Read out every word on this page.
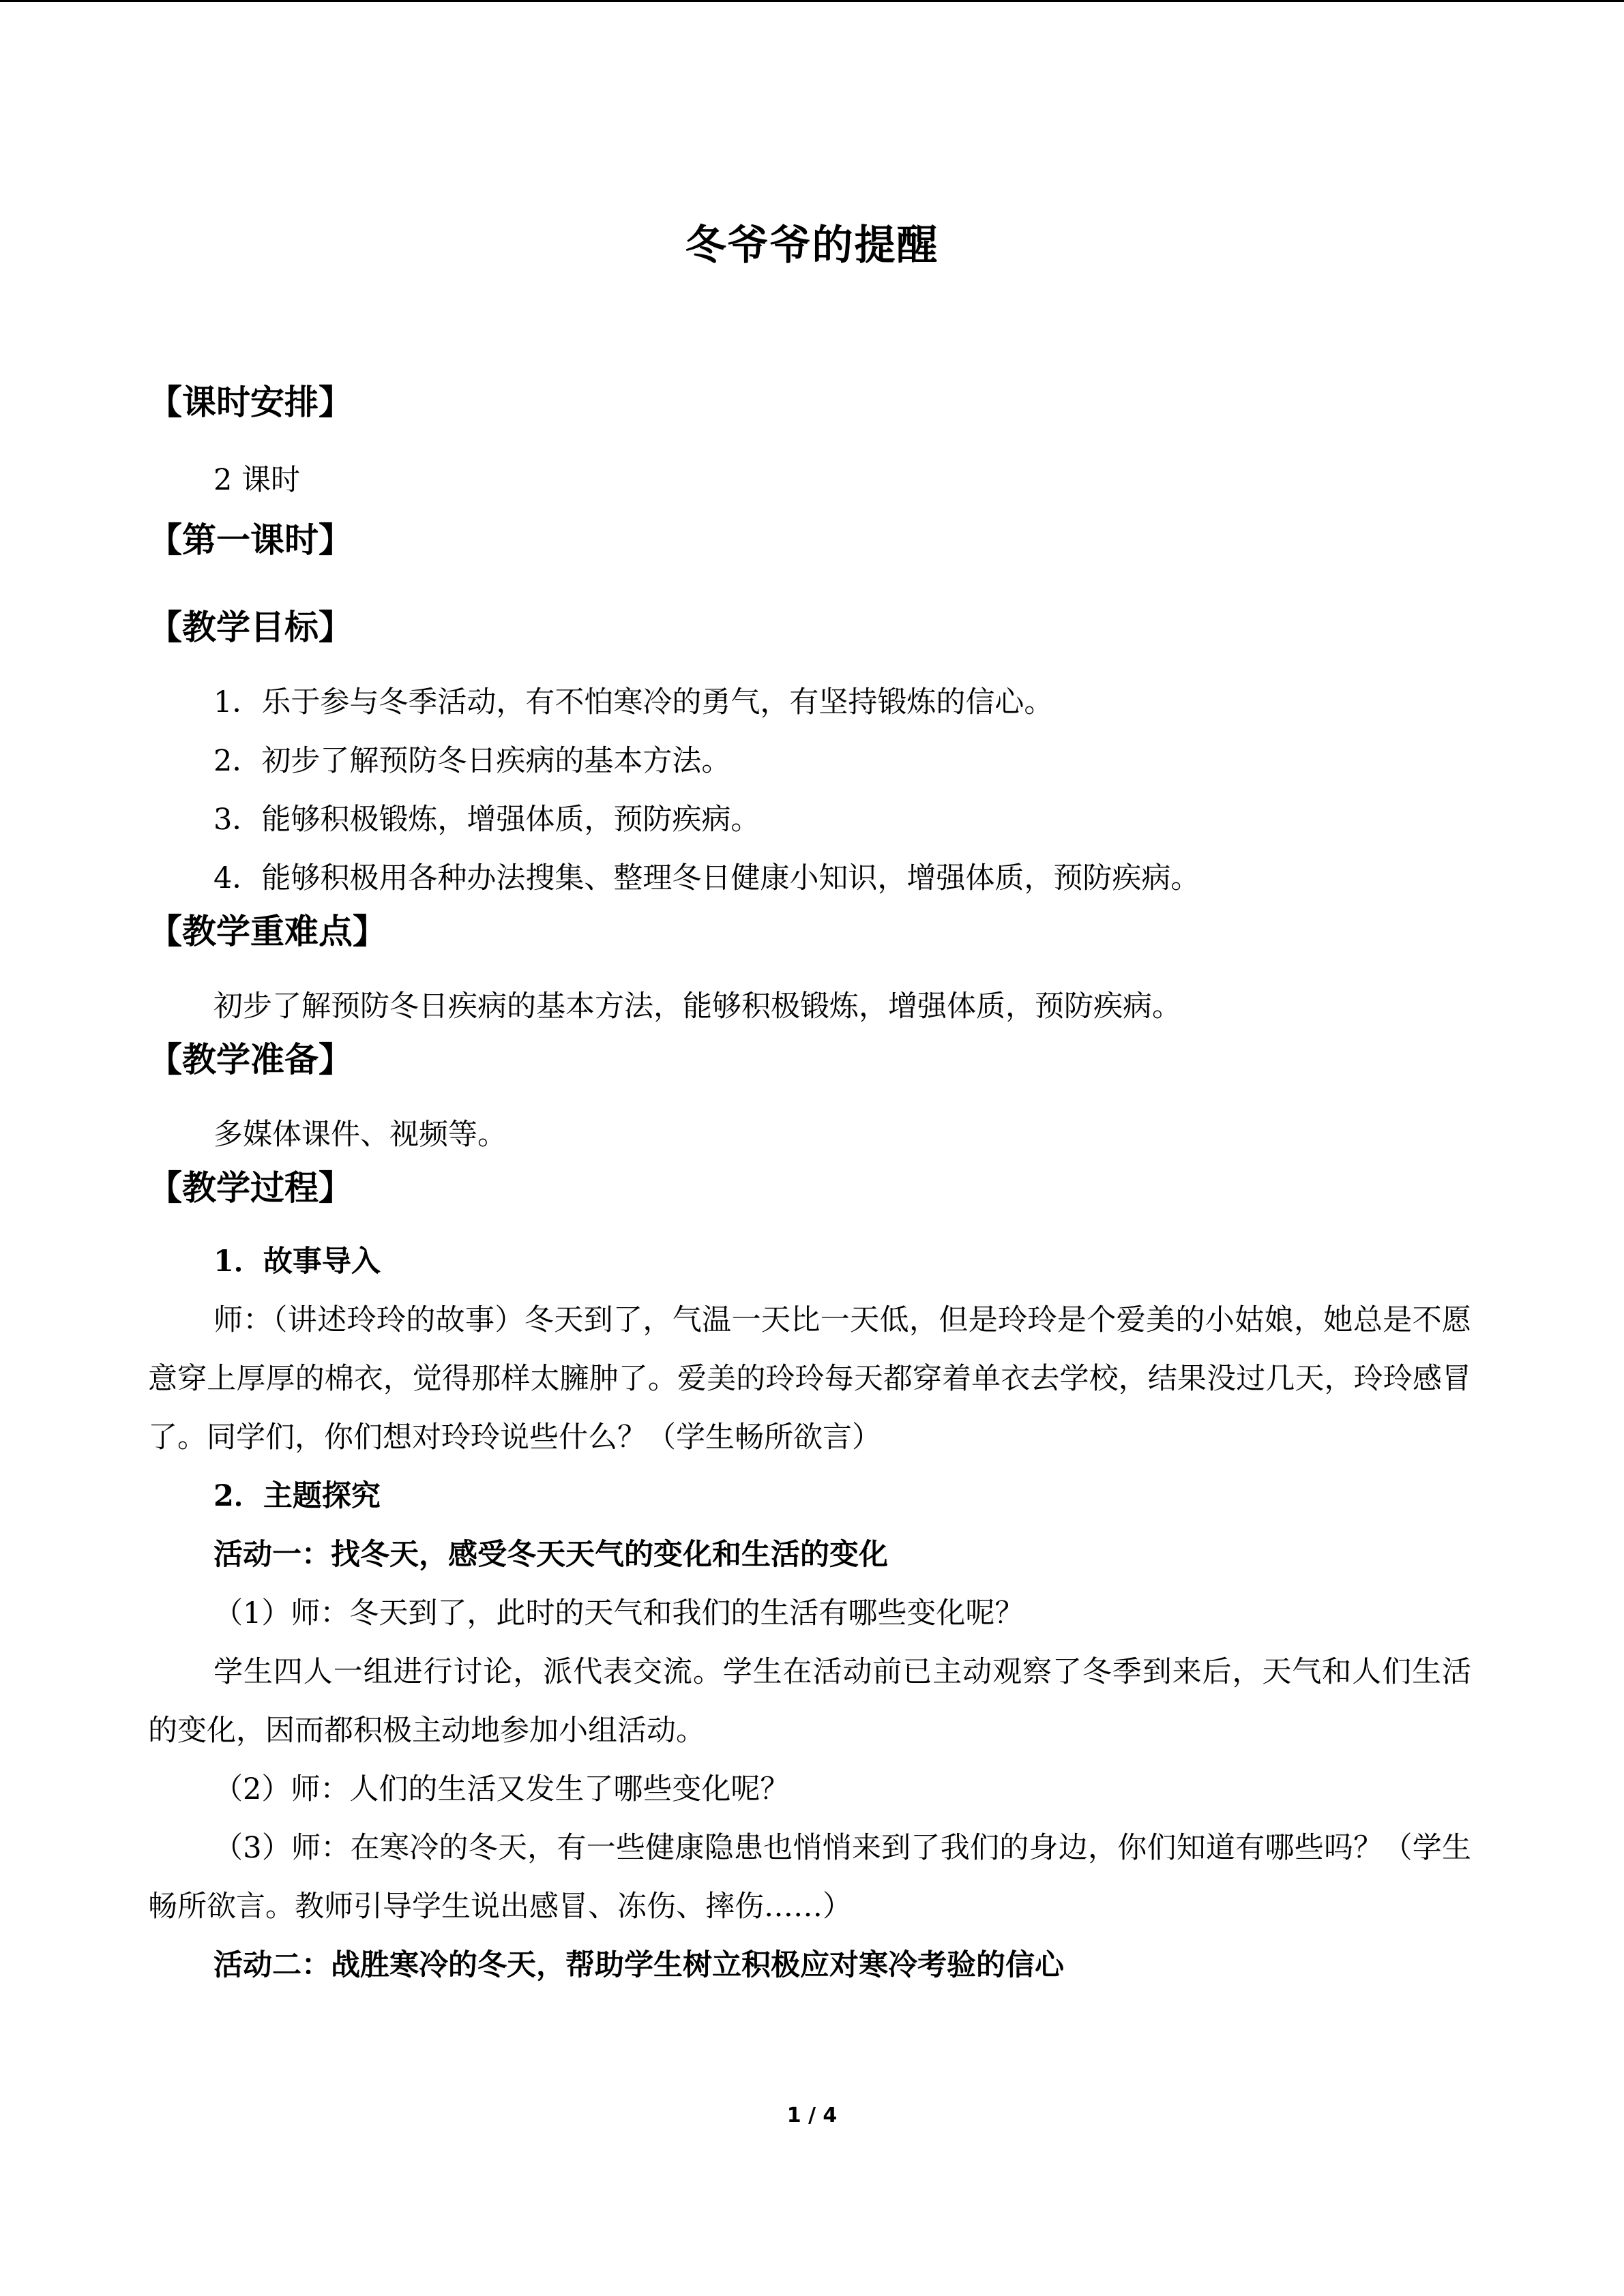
冬爷爷的提醒
【课时安排】
2 课时
【第一课时】
【教学目标】
1．乐于参与冬季活动，有不怕寒冷的勇气，有坚持锻炼的信心。
2．初步了解预防冬日疾病的基本方法。
3．能够积极锻炼，增强体质，预防疾病。
4．能够积极用各种办法搜集、整理冬日健康小知识，增强体质，预防疾病。
【教学重难点】
初步了解预防冬日疾病的基本方法，能够积极锻炼，增强体质，预防疾病。
【教学准备】
多媒体课件、视频等。
【教学过程】
1．故事导入
师：（讲述玲玲的故事）冬天到了，气温一天比一天低，但是玲玲是个爱美的小姑娘，她总是不愿意穿上厚厚的棉衣，觉得那样太臃肿了。爱美的玲玲每天都穿着单衣去学校，结果没过几天，玲玲感冒了。同学们，你们想对玲玲说些什么？（学生畅所欲言）
2．主题探究
活动一：找冬天，感受冬天天气的变化和生活的变化
（1）师：冬天到了，此时的天气和我们的生活有哪些变化呢？
学生四人一组进行讨论，派代表交流。学生在活动前已主动观察了冬季到来后，天气和人们生活的变化，因而都积极主动地参加小组活动。
（2）师：人们的生活又发生了哪些变化呢？
（3）师：在寒冷的冬天，有一些健康隐患也悄悄来到了我们的身边，你们知道有哪些吗？（学生畅所欲言。教师引导学生说出感冒、冻伤、摔伤……）
活动二：战胜寒冷的冬天，帮助学生树立积极应对寒冷考验的信心
1 / 4
